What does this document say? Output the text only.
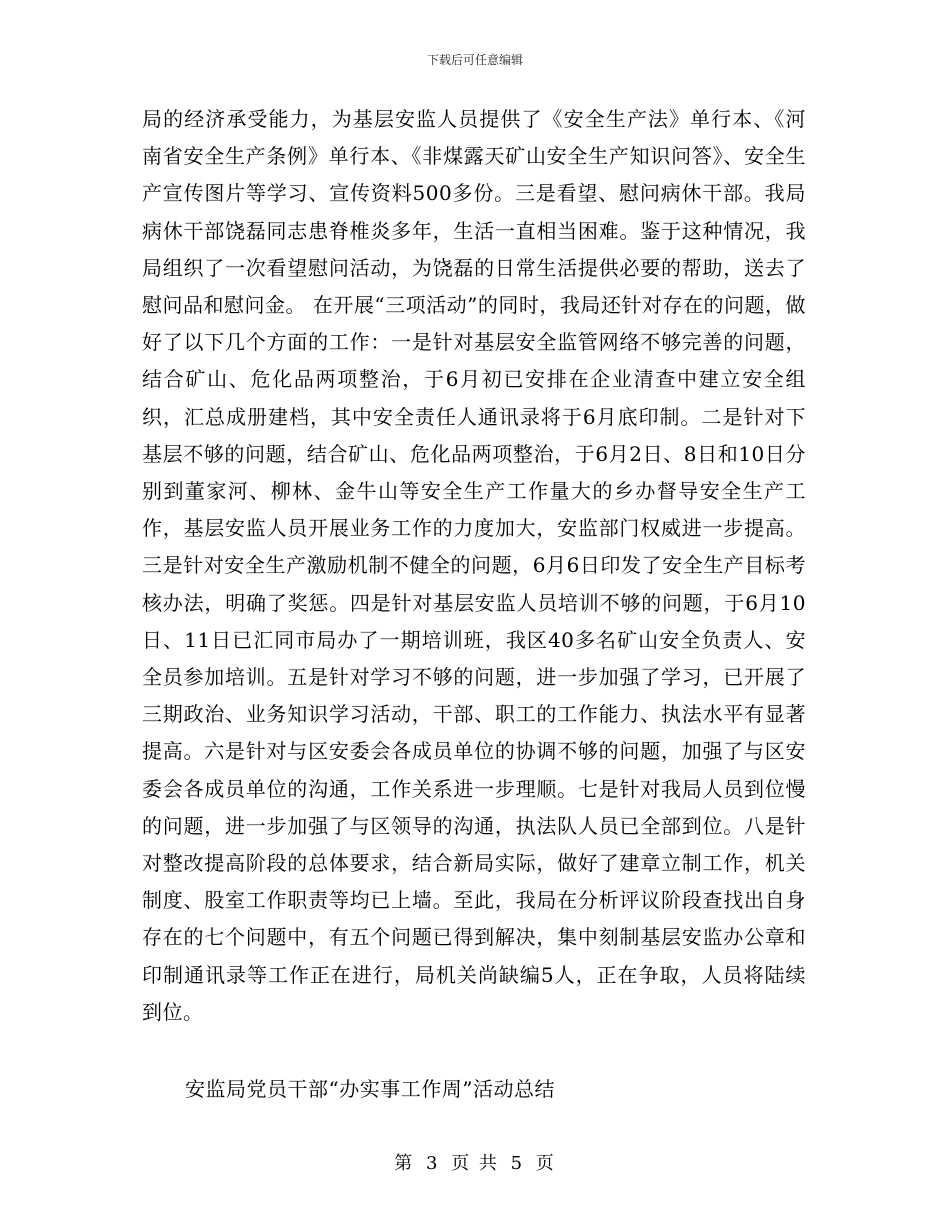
下载后可任意编辑

局的经济承受能力，为基层安监人员提供了《安全生产法》单行本、《河南省安全生产条例》单行本、《非煤露天矿山安全生产知识问答》、安全生产宣传图片等学习、宣传资料500多份。三是看望、慰问病休干部。我局病休干部饶磊同志患脊椎炎多年，生活一直相当困难。鉴于这种情况，我局组织了一次看望慰问活动，为饶磊的日常生活提供必要的帮助，送去了慰问品和慰问金。 在开展“三项活动”的同时，我局还针对存在的问题，做好了以下几个方面的工作：一是针对基层安全监管网络不够完善的问题，结合矿山、危化品两项整治，于6月初已安排在企业清查中建立安全组织，汇总成册建档，其中安全责任人通讯录将于6月底印制。二是针对下基层不够的问题，结合矿山、危化品两项整治，于6月2日、8日和10日分别到董家河、柳林、金牛山等安全生产工作量大的乡办督导安全生产工作，基层安监人员开展业务工作的力度加大，安监部门权威进一步提高。三是针对安全生产激励机制不健全的问题，6月6日印发了安全生产目标考核办法，明确了奖惩。四是针对基层安监人员培训不够的问题，于6月10日、11日已汇同市局办了一期培训班，我区40多名矿山安全负责人、安全员参加培训。五是针对学习不够的问题，进一步加强了学习，已开展了三期政治、业务知识学习活动，干部、职工的工作能力、执法水平有显著提高。六是针对与区安委会各成员单位的协调不够的问题，加强了与区安委会各成员单位的沟通，工作关系进一步理顺。七是针对我局人员到位慢的问题，进一步加强了与区领导的沟通，执法队人员已全部到位。八是针对整改提高阶段的总体要求，结合新局实际，做好了建章立制工作，机关制度、股室工作职责等均已上墙。至此，我局在分析评议阶段查找出自身存在的七个问题中，有五个问题已得到解决，集中刻制基层安监办公章和印制通讯录等工作正在进行，局机关尚缺编5人，正在争取，人员将陆续到位。

安监局党员干部“办实事工作周”活动总结

第 3 页 共 5 页
